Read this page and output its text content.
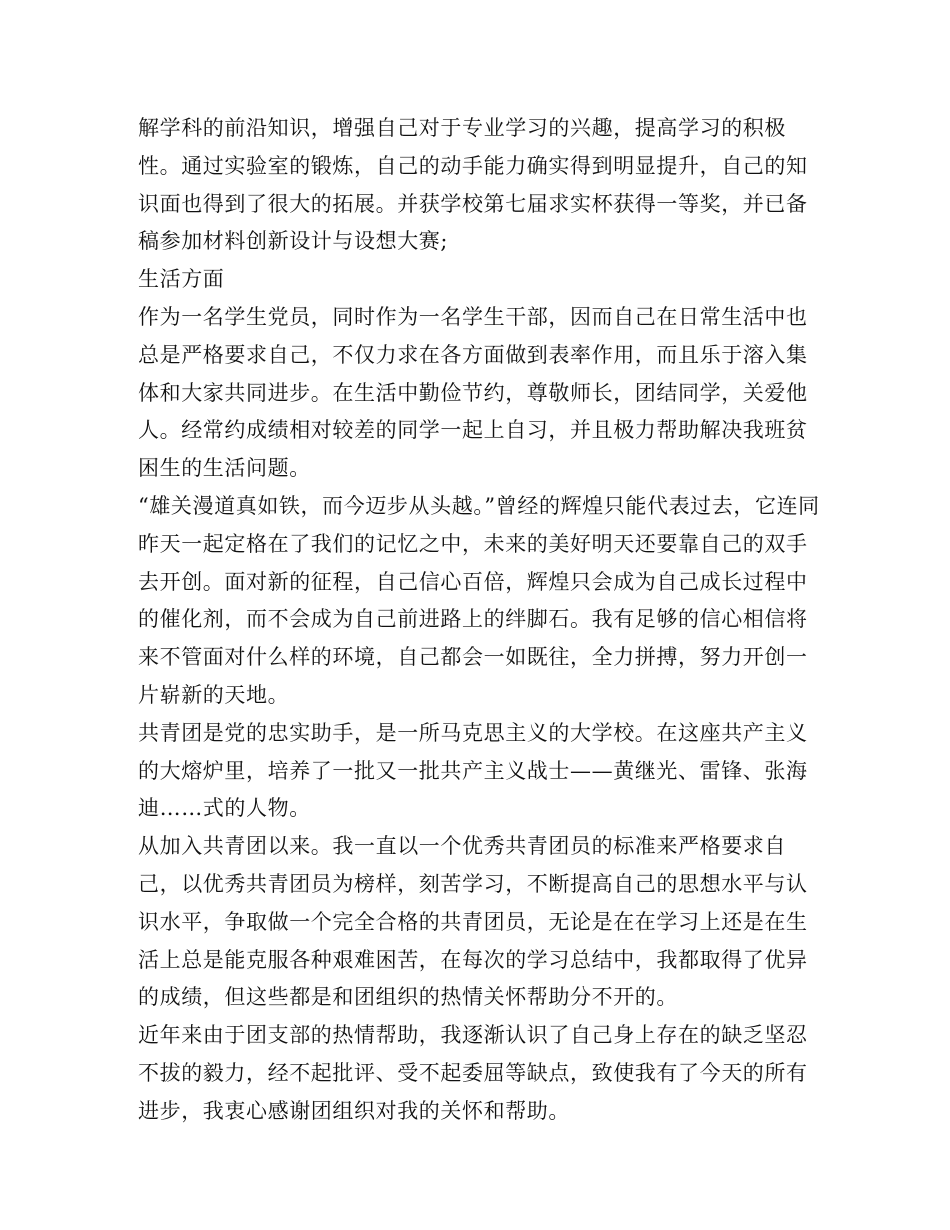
解学科的前沿知识，增强自己对于专业学习的兴趣，提高学习的积极性。通过实验室的锻炼，自己的动手能力确实得到明显提升，自己的知识面也得到了很大的拓展。并获学校第七届求实杯获得一等奖，并已备稿参加材料创新设计与设想大赛;

生活方面

作为一名学生党员，同时作为一名学生干部，因而自己在日常生活中也总是严格要求自己，不仅力求在各方面做到表率作用，而且乐于溶入集体和大家共同进步。在生活中勤俭节约，尊敬师长，团结同学，关爱他人。经常约成绩相对较差的同学一起上自习，并且极力帮助解决我班贫困生的生活问题。

“雄关漫道真如铁，而今迈步从头越。”曾经的辉煌只能代表过去，它连同昨天一起定格在了我们的记忆之中，未来的美好明天还要靠自己的双手去开创。面对新的征程，自己信心百倍，辉煌只会成为自己成长过程中的催化剂，而不会成为自己前进路上的绊脚石。我有足够的信心相信将来不管面对什么样的环境，自己都会一如既往，全力拼搏，努力开创一片崭新的天地。

共青团是党的忠实助手，是一所马克思主义的大学校。在这座共产主义的大熔炉里，培养了一批又一批共产主义战士——黄继光、雷锋、张海迪……式的人物。

从加入共青团以来。我一直以一个优秀共青团员的标准来严格要求自己，以优秀共青团员为榜样，刻苦学习，不断提高自己的思想水平与认识水平，争取做一个完全合格的共青团员，无论是在在学习上还是在生活上总是能克服各种艰难困苦，在每次的学习总结中，我都取得了优异的成绩，但这些都是和团组织的热情关怀帮助分不开的。

近年来由于团支部的热情帮助，我逐渐认识了自己身上存在的缺乏坚忍不拔的毅力，经不起批评、受不起委屈等缺点，致使我有了今天的所有进步，我衷心感谢团组织对我的关怀和帮助。
